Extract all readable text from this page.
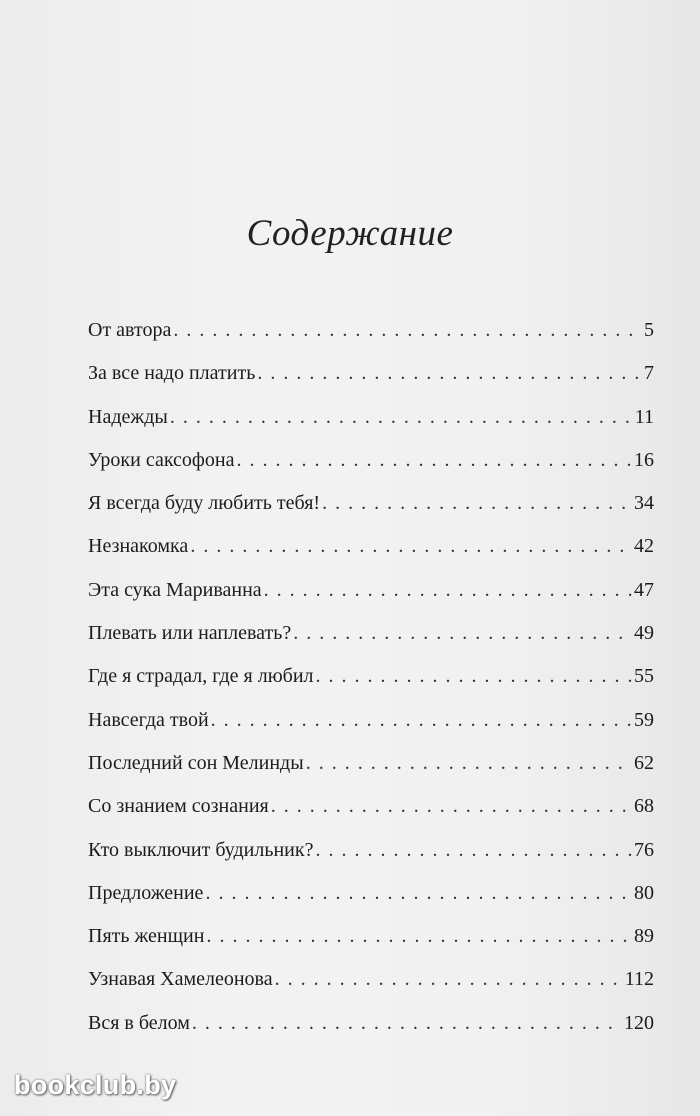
Содержание
От автора . . .	5
За все надо платить . . .	7
Надежды . . .	11
Уроки саксофона . . .	16
Я всегда буду любить тебя! . . .	34
Незнакомка . . .	42
Эта сука Мариванна . . .	47
Плевать или наплевать? . . .	49
Где я страдал, где я любил . . .	55
Навсегда твой . . .	59
Последний сон Мелинды . . .	62
Со знанием сознания . . .	68
Кто выключит будильник? . . .	76
Предложение . . .	80
Пять женщин . . .	89
Узнавая Хамелеонова . . .	112
Вся в белом . . .	120
bookclub.by
